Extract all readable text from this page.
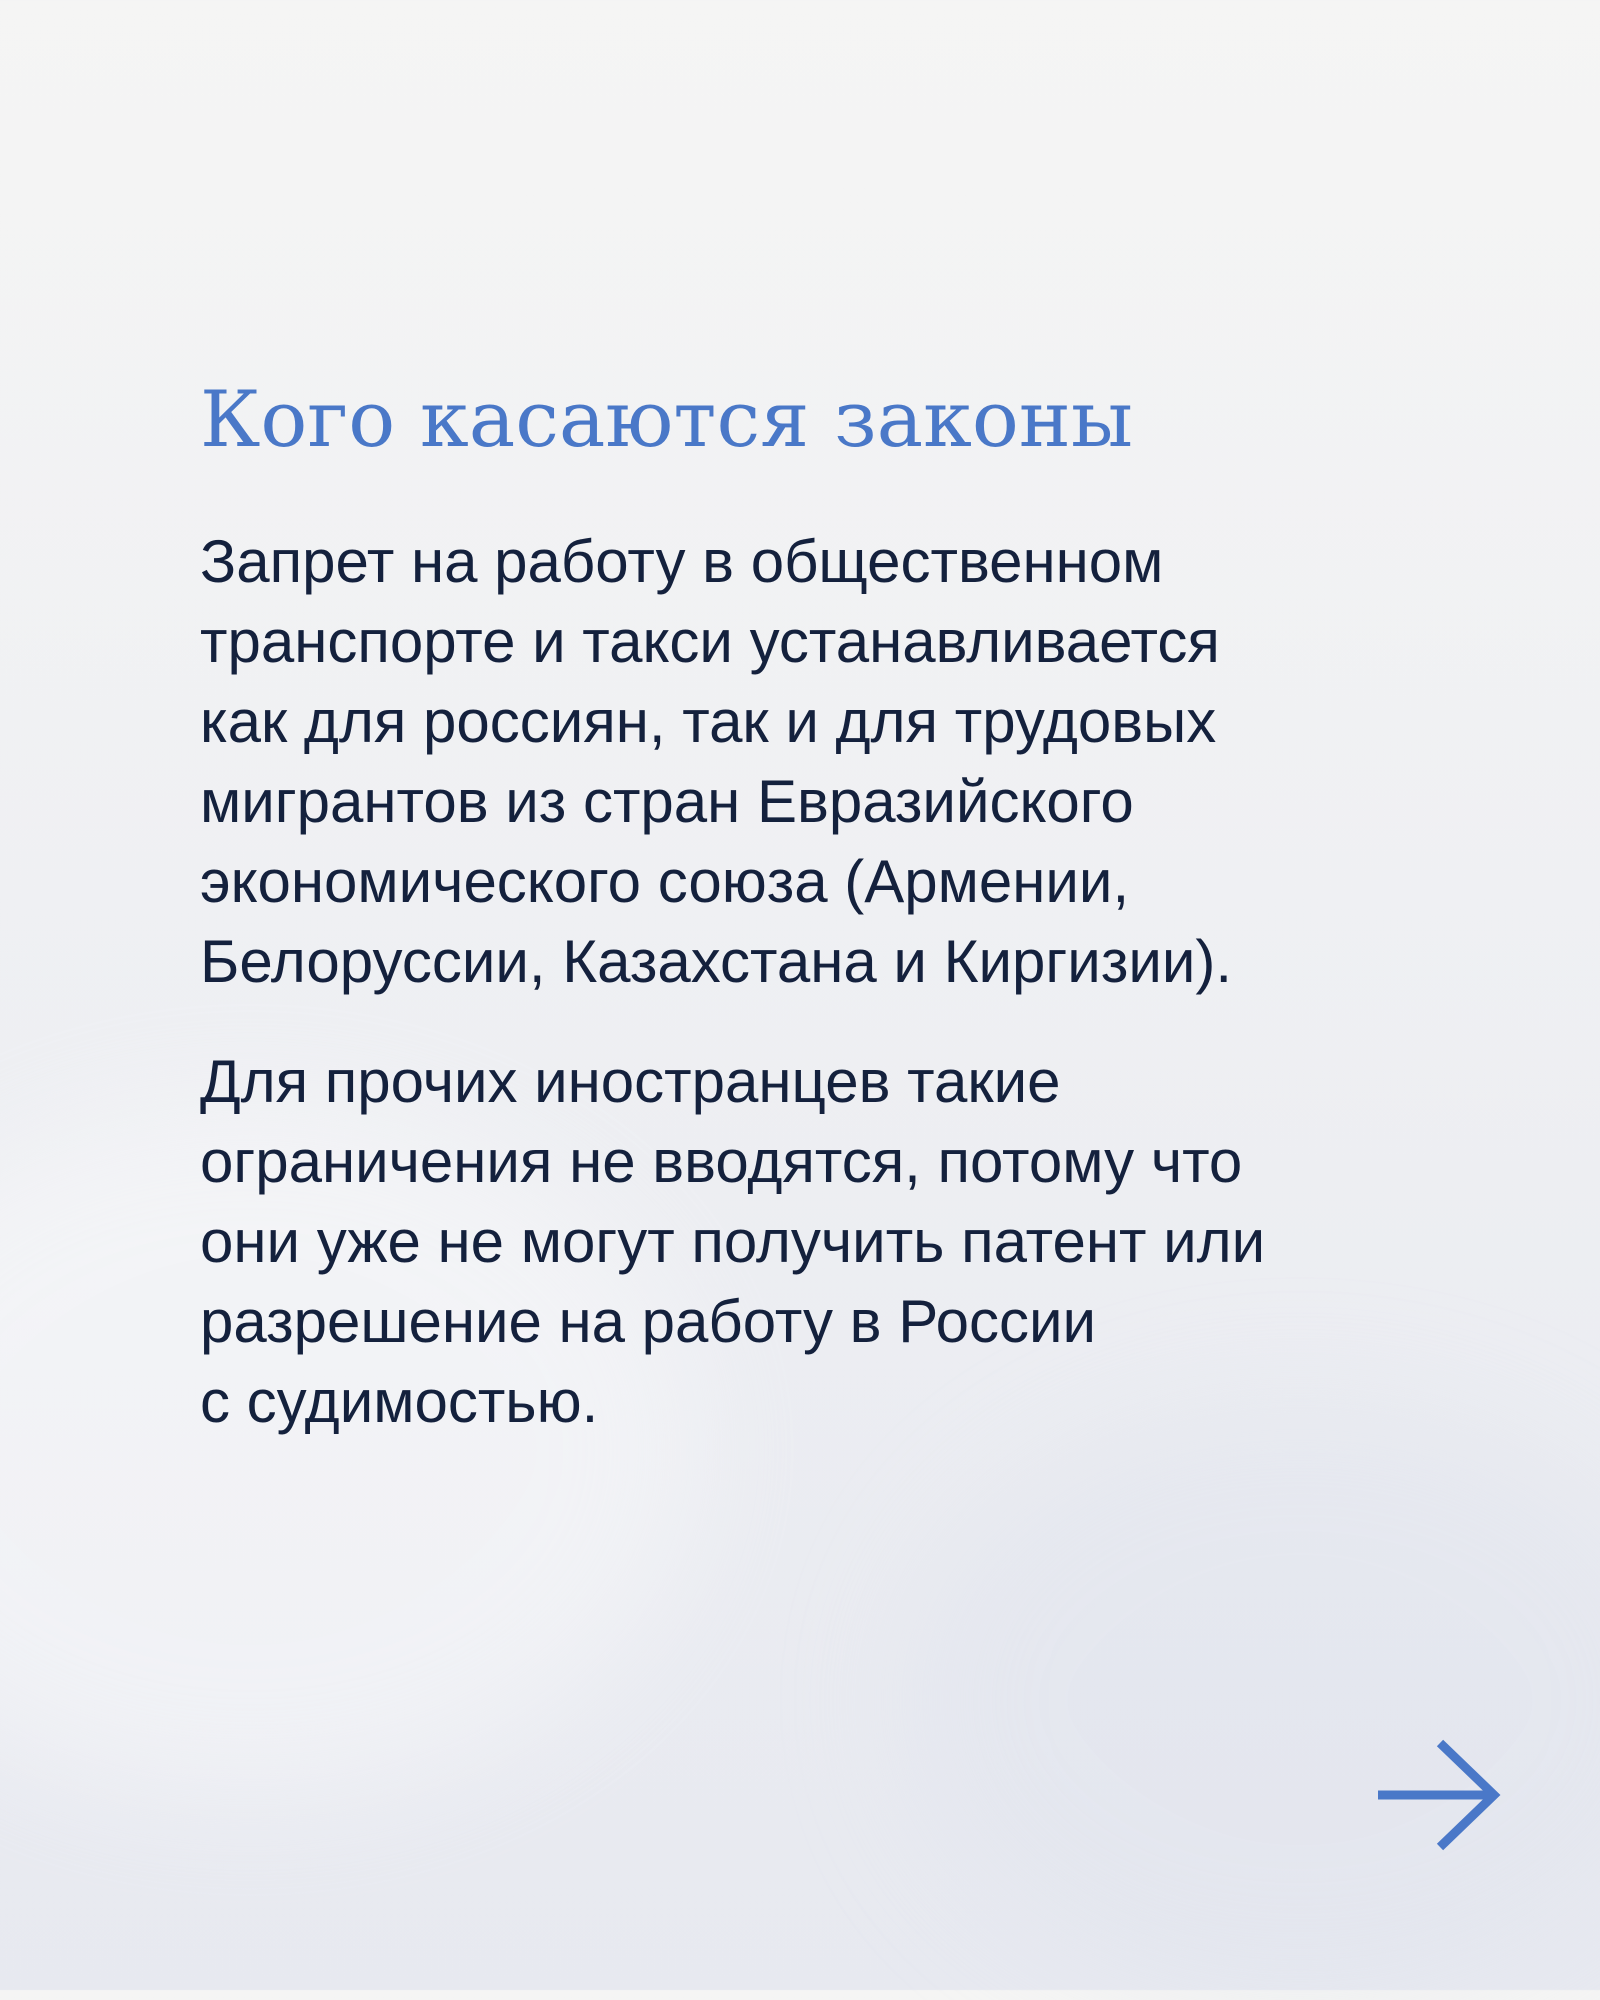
Кого касаются законы

Запрет на работу в общественном
транспорте и такси устанавливается
как для россиян, так и для трудовых
мигрантов из стран Евразийского
экономического союза (Армении,
Белоруссии, Казахстана и Киргизии).

Для прочих иностранцев такие
ограничения не вводятся, потому что
они уже не могут получить патент или
разрешение на работу в России
с судимостью.
